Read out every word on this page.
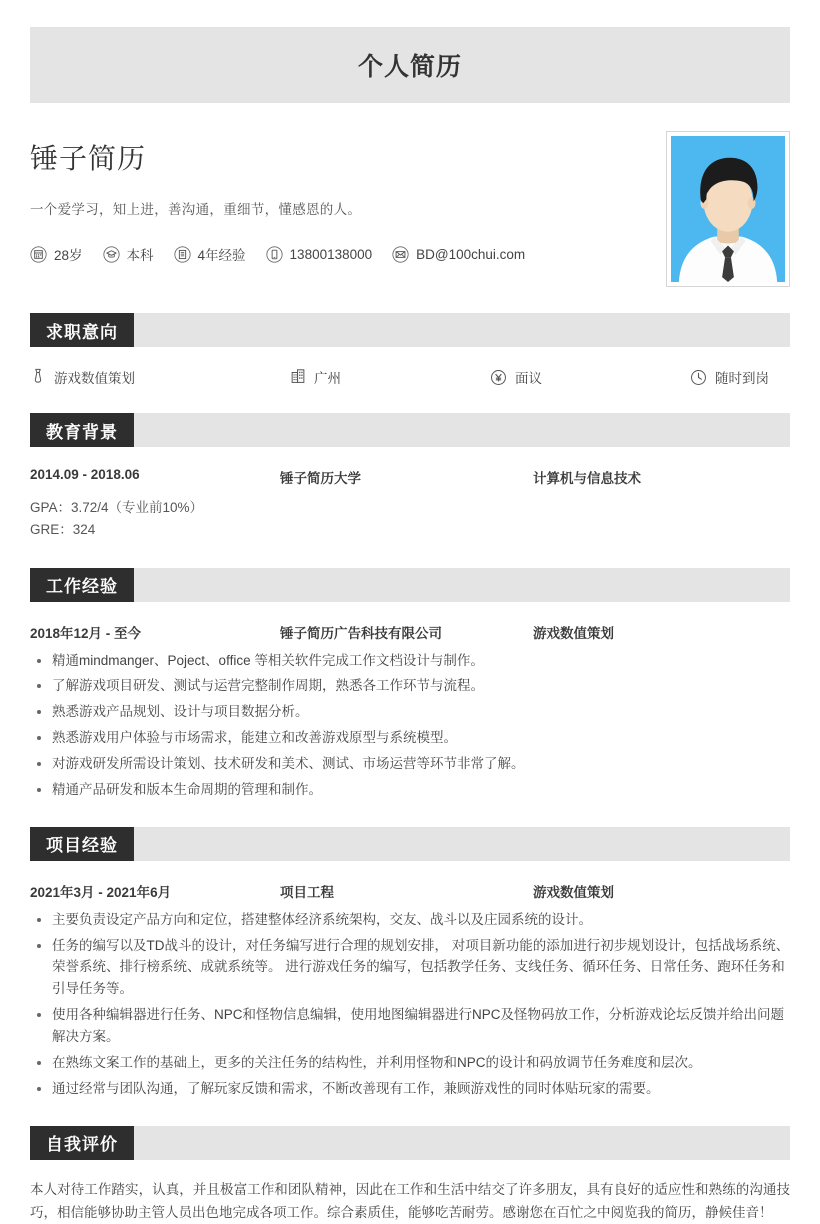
个人简历
锤子简历
一个爱学习，知上进，善沟通，重细节，懂感恩的人。
28岁	本科	4年经验	13800138000	BD@100chui.com
求职意向
游戏数值策划	广州	面议	随时到岗
教育背景
2014.09 - 2018.06	锤子简历大学	计算机与信息技术
GPA：3.72/4（专业前10%）
GRE：324
工作经验
2018年12月 - 至今	锤子简历广告科技有限公司	游戏数值策划
精通mindmanger、Poject、office 等相关软件完成工作文档设计与制作。
了解游戏项目研发、测试与运营完整制作周期，熟悉各工作环节与流程。
熟悉游戏产品规划、设计与项目数据分析。
熟悉游戏用户体验与市场需求，能建立和改善游戏原型与系统模型。
对游戏研发所需设计策划、技术研发和美术、测试、市场运营等环节非常了解。
精通产品研发和版本生命周期的管理和制作。
项目经验
2021年3月 - 2021年6月	项目工程	游戏数值策划
主要负责设定产品方向和定位，搭建整体经济系统架构，交友、战斗以及庄园系统的设计。
任务的编写以及TD战斗的设计，对任务编写进行合理的规划安排， 对项目新功能的添加进行初步规划设计，包括战场系统、荣誉系统、排行榜系统、成就系统等。 进行游戏任务的编写，包括教学任务、支线任务、循环任务、日常任务、跑环任务和引导任务等。
使用各种编辑器进行任务、NPC和怪物信息编辑，使用地图编辑器进行NPC及怪物码放工作，分析游戏论坛反馈并给出问题解决方案。
在熟练文案工作的基础上，更多的关注任务的结构性，并利用怪物和NPC的设计和码放调节任务难度和层次。
通过经常与团队沟通，了解玩家反馈和需求，不断改善现有工作，兼顾游戏性的同时体贴玩家的需要。
自我评价
本人对待工作踏实，认真，并且极富工作和团队精神，因此在工作和生活中结交了许多朋友，具有良好的适应性和熟练的沟通技巧，相信能够协助主管人员出色地完成各项工作。综合素质佳，能够吃苦耐劳。感谢您在百忙之中阅览我的简历，静候佳音！
